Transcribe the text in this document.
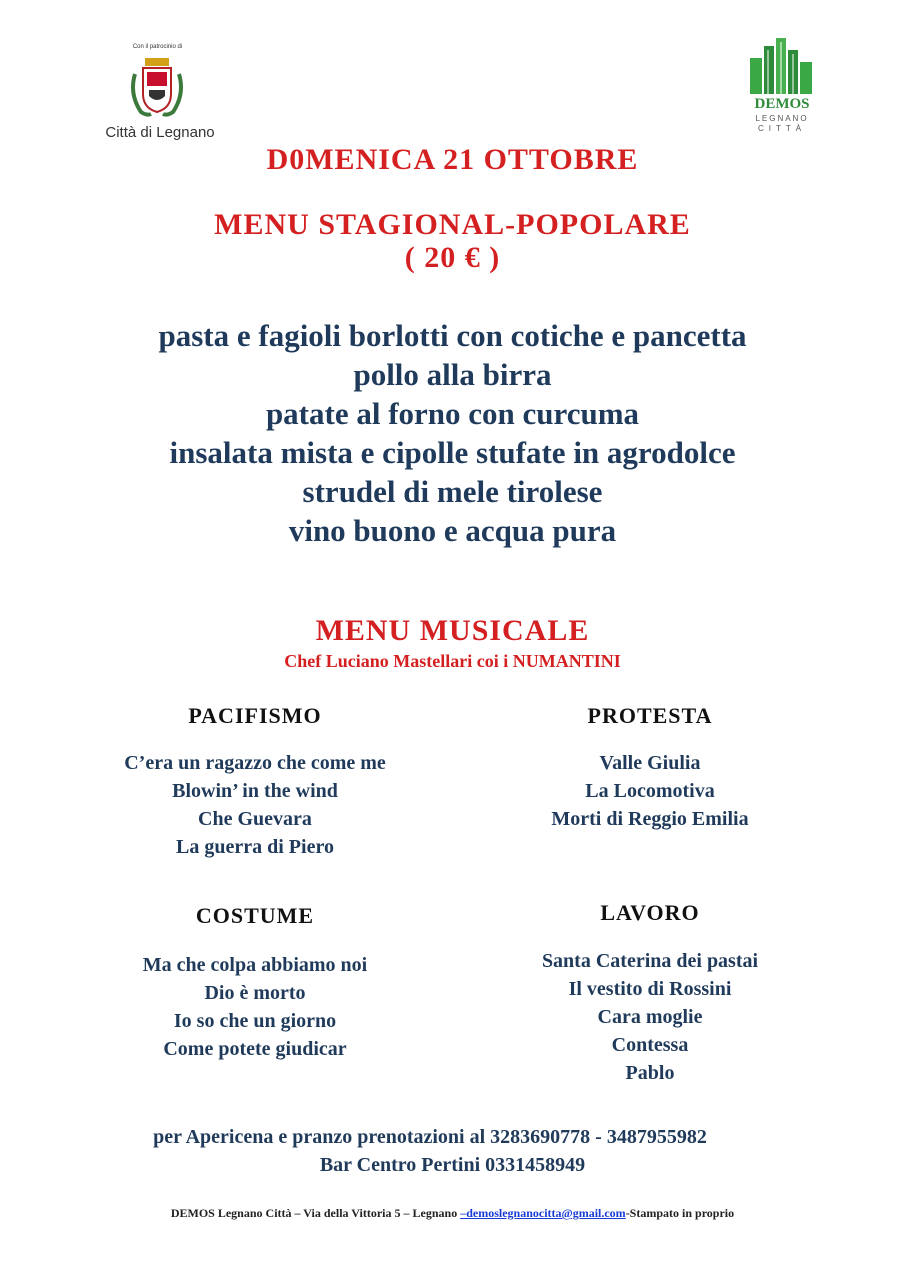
Con il patrocinio di
Città di Legnano
DEMOS
LEGNANO
CITTÀ
D0MENICA 21 OTTOBRE
MENU STAGIONAL-POPOLARE
( 20 € )
pasta e fagioli borlotti con cotiche e pancetta
pollo alla birra
patate al forno con curcuma
insalata mista e cipolle stufate in agrodolce
strudel di mele tirolese
vino buono e acqua pura
MENU MUSICALE
Chef Luciano Mastellari coi i NUMANTINI
PACIFISMO
C’era un ragazzo che come me
Blowin’ in the wind
Che Guevara
La guerra di Piero
PROTESTA
Valle Giulia
La Locomotiva
Morti di Reggio Emilia
COSTUME
Ma che colpa abbiamo noi
Dio è morto
Io so che un giorno
Come potete giudicar
LAVORO
Santa Caterina dei pastai
Il vestito di Rossini
Cara moglie
Contessa
Pablo
per Apericena e pranzo prenotazioni al 3283690778 - 3487955982
Bar Centro Pertini 0331458949
DEMOS Legnano Città – Via della Vittoria 5 – Legnano –demoslegnanocitta@gmail.com-Stampato in proprio
